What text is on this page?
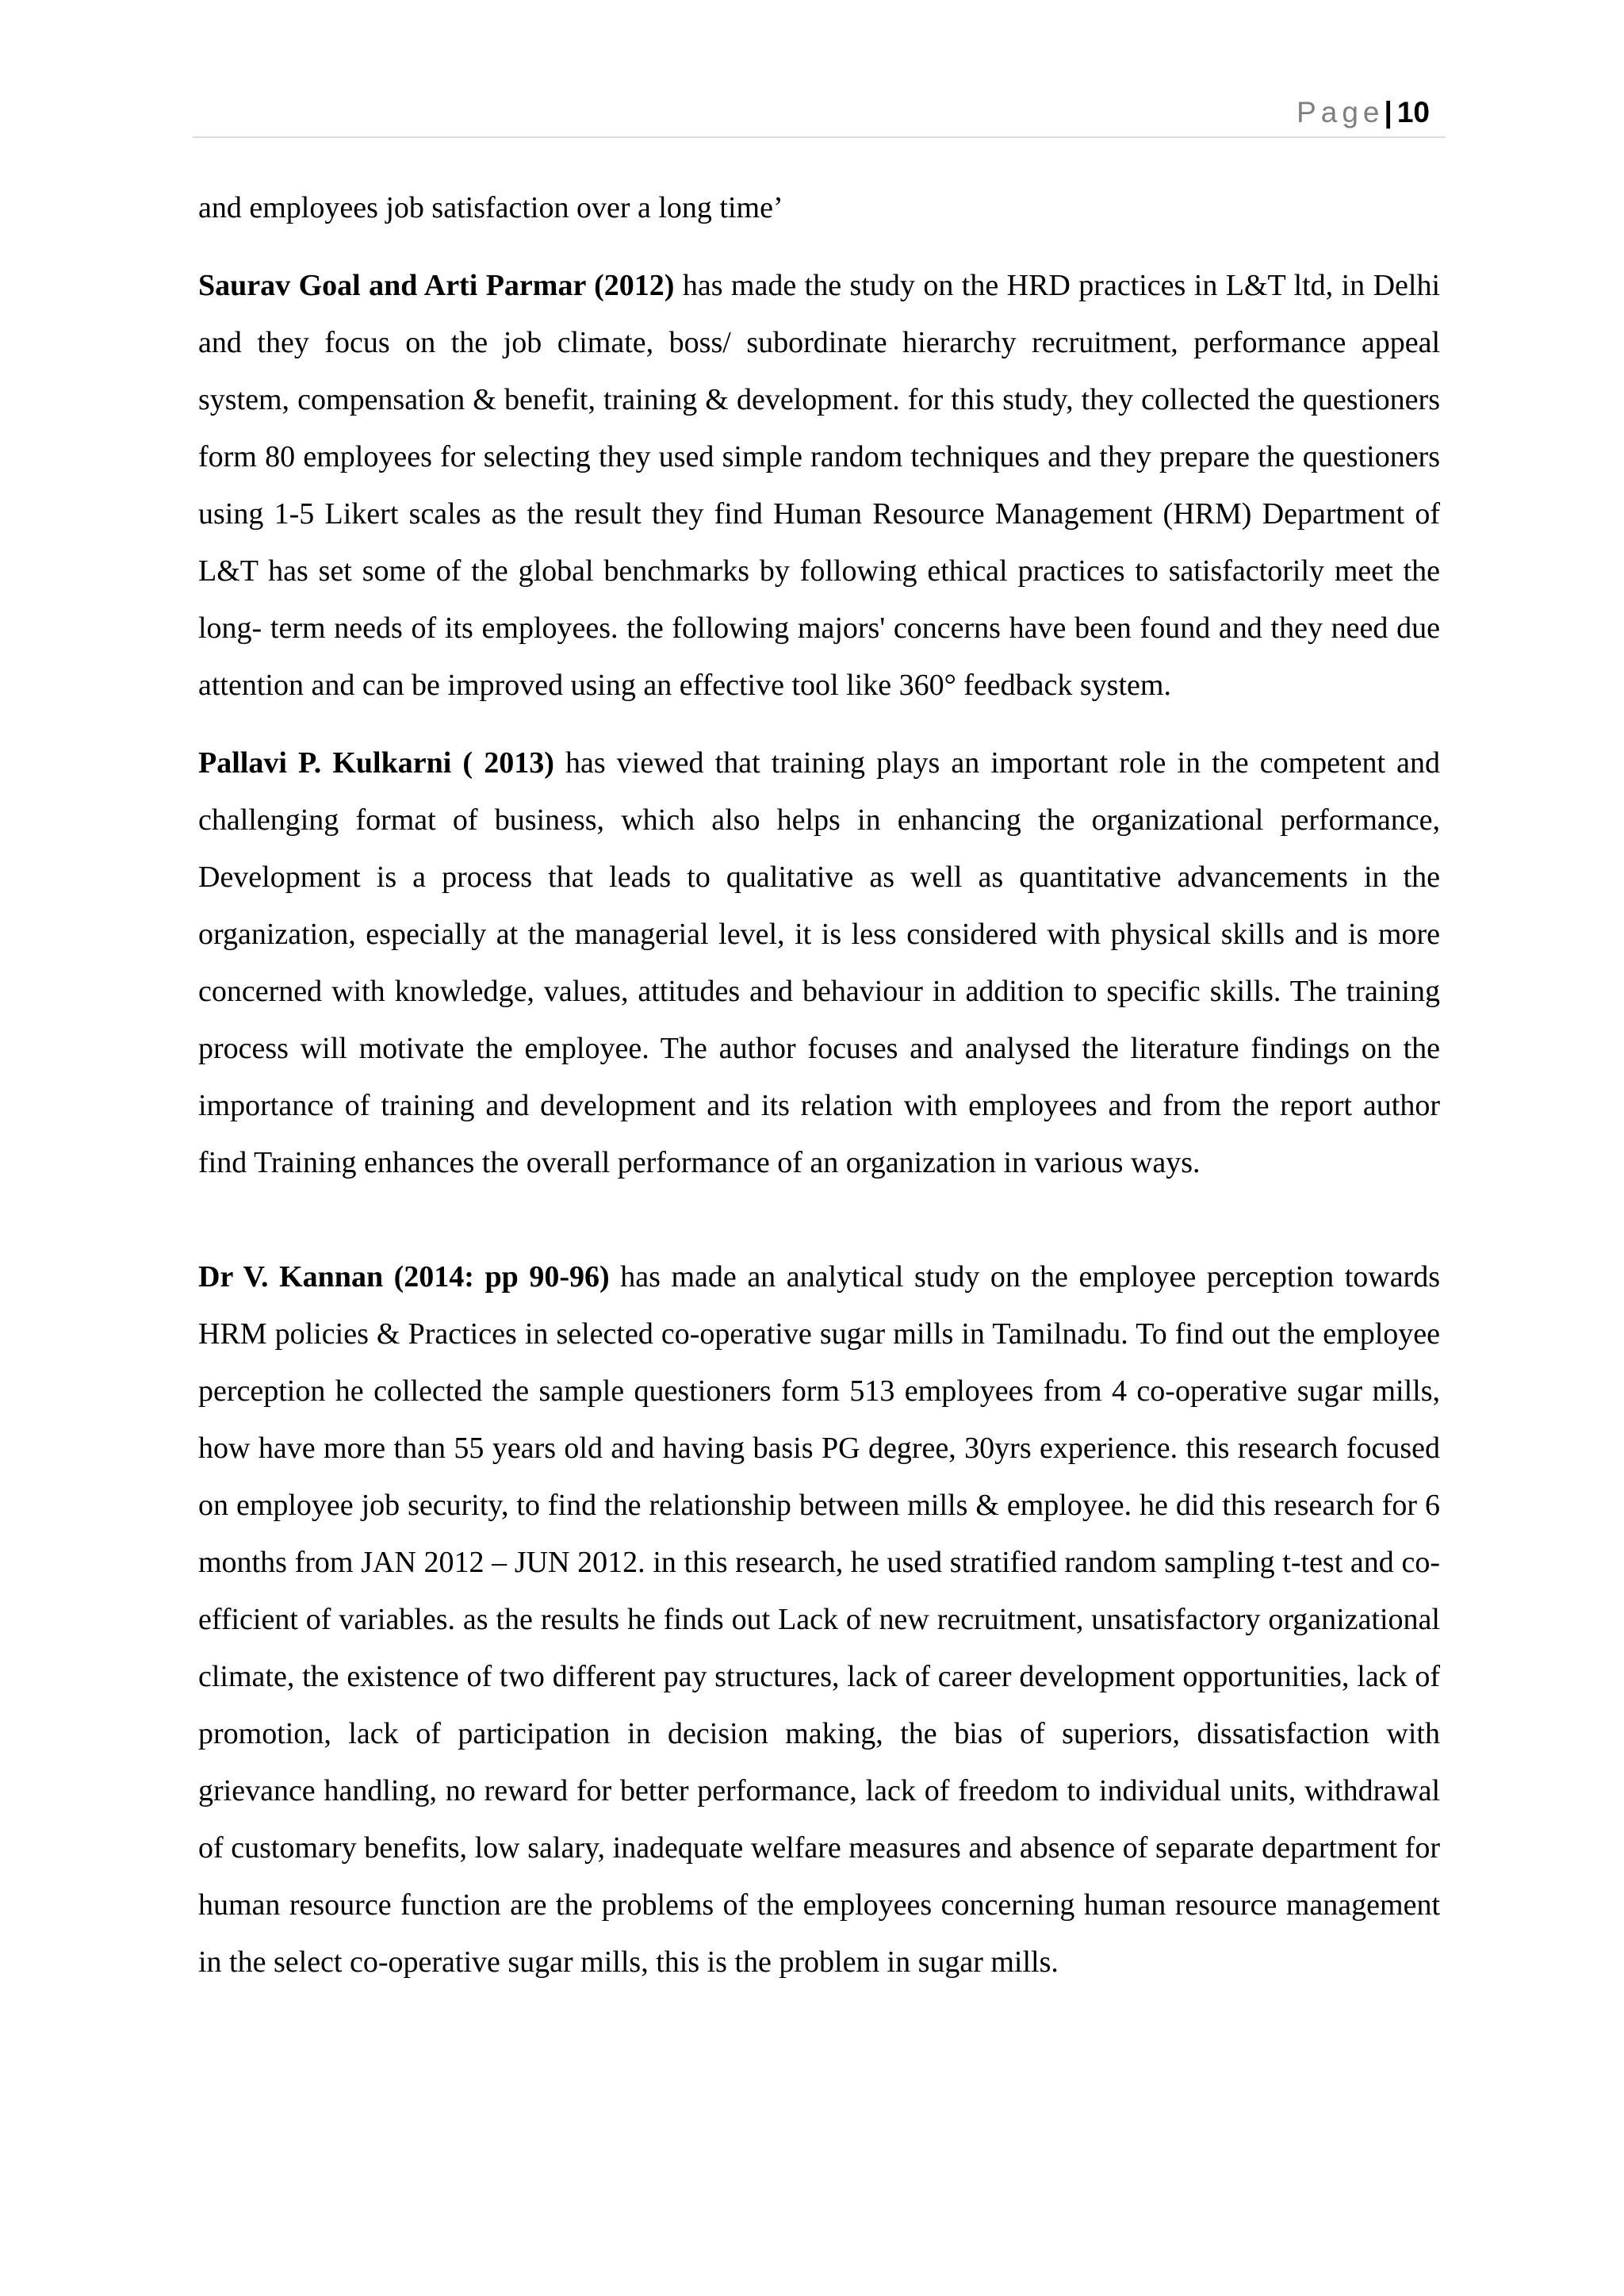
Page| 10

and employees job satisfaction over a long time’

Saurav Goal and Arti Parmar (2012) has made the study on the HRD practices in L&T ltd, in Delhi and they focus on the job climate, boss/ subordinate hierarchy recruitment, performance appeal system, compensation & benefit, training & development. for this study, they collected the questioners form 80 employees for selecting they used simple random techniques and they prepare the questioners using 1-5 Likert scales as the result they find Human Resource Management (HRM) Department of L&T has set some of the global benchmarks by following ethical practices to satisfactorily meet the long- term needs of its employees. the following majors' concerns have been found and they need due attention and can be improved using an effective tool like 360° feedback system.

Pallavi P. Kulkarni ( 2013) has viewed that training plays an important role in the competent and challenging format of business, which also helps in enhancing the organizational performance, Development is a process that leads to qualitative as well as quantitative advancements in the organization, especially at the managerial level, it is less considered with physical skills and is more concerned with knowledge, values, attitudes and behaviour in addition to specific skills. The training process will motivate the employee. The author focuses and analysed the literature findings on the importance of training and development and its relation with employees and from the report author find Training enhances the overall performance of an organization in various ways.

Dr V. Kannan (2014: pp 90-96) has made an analytical study on the employee perception towards HRM policies & Practices in selected co-operative sugar mills in Tamilnadu. To find out the employee perception he collected the sample questioners form 513 employees from 4 co-operative sugar mills, how have more than 55 years old and having basis PG degree, 30yrs experience. this research focused on employee job security, to find the relationship between mills & employee. he did this research for 6 months from JAN 2012 – JUN 2012. in this research, he used stratified random sampling t-test and co-efficient of variables. as the results he finds out Lack of new recruitment, unsatisfactory organizational climate, the existence of two different pay structures, lack of career development opportunities, lack of promotion, lack of participation in decision making, the bias of superiors, dissatisfaction with grievance handling, no reward for better performance, lack of freedom to individual units, withdrawal of customary benefits, low salary, inadequate welfare measures and absence of separate department for human resource function are the problems of the employees concerning human resource management in the select co-operative sugar mills, this is the problem in sugar mills.
